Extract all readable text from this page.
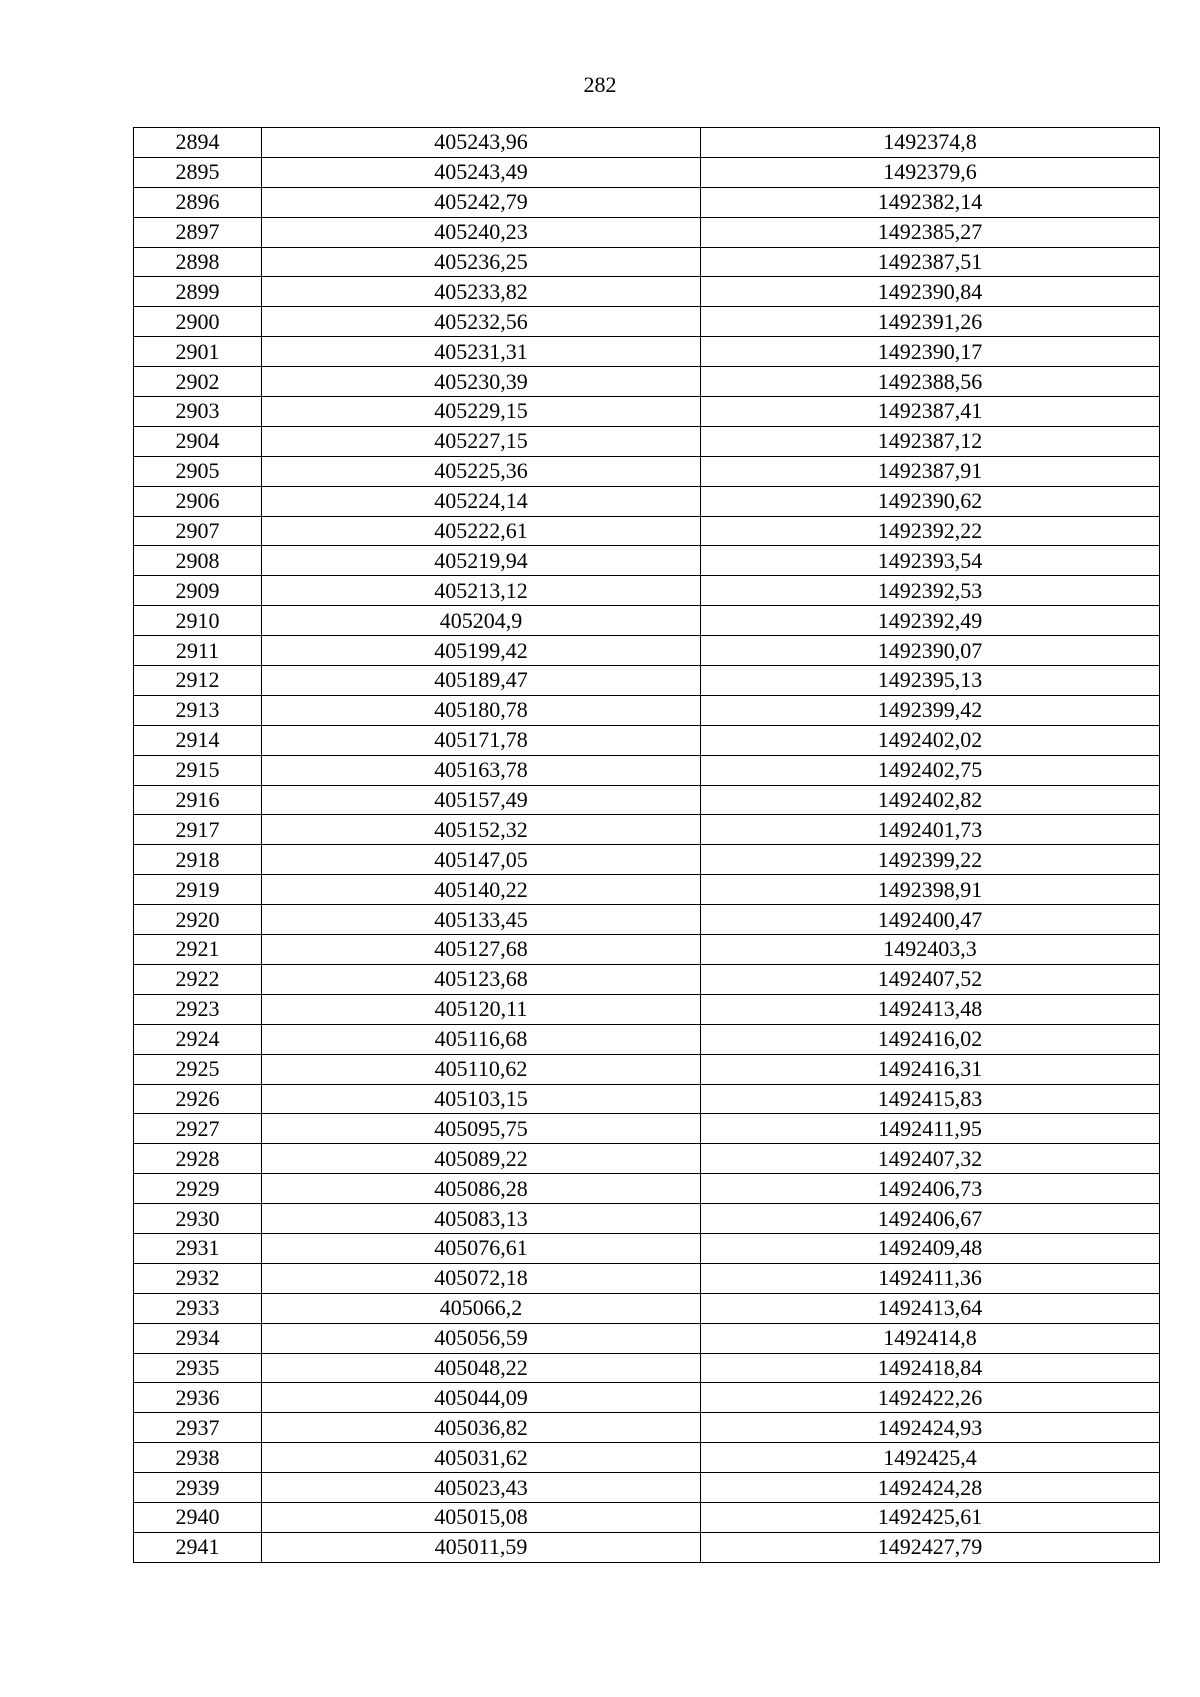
282
2894	405243,96	1492374,8
2895	405243,49	1492379,6
2896	405242,79	1492382,14
2897	405240,23	1492385,27
2898	405236,25	1492387,51
2899	405233,82	1492390,84
2900	405232,56	1492391,26
2901	405231,31	1492390,17
2902	405230,39	1492388,56
2903	405229,15	1492387,41
2904	405227,15	1492387,12
2905	405225,36	1492387,91
2906	405224,14	1492390,62
2907	405222,61	1492392,22
2908	405219,94	1492393,54
2909	405213,12	1492392,53
2910	405204,9	1492392,49
2911	405199,42	1492390,07
2912	405189,47	1492395,13
2913	405180,78	1492399,42
2914	405171,78	1492402,02
2915	405163,78	1492402,75
2916	405157,49	1492402,82
2917	405152,32	1492401,73
2918	405147,05	1492399,22
2919	405140,22	1492398,91
2920	405133,45	1492400,47
2921	405127,68	1492403,3
2922	405123,68	1492407,52
2923	405120,11	1492413,48
2924	405116,68	1492416,02
2925	405110,62	1492416,31
2926	405103,15	1492415,83
2927	405095,75	1492411,95
2928	405089,22	1492407,32
2929	405086,28	1492406,73
2930	405083,13	1492406,67
2931	405076,61	1492409,48
2932	405072,18	1492411,36
2933	405066,2	1492413,64
2934	405056,59	1492414,8
2935	405048,22	1492418,84
2936	405044,09	1492422,26
2937	405036,82	1492424,93
2938	405031,62	1492425,4
2939	405023,43	1492424,28
2940	405015,08	1492425,61
2941	405011,59	1492427,79
